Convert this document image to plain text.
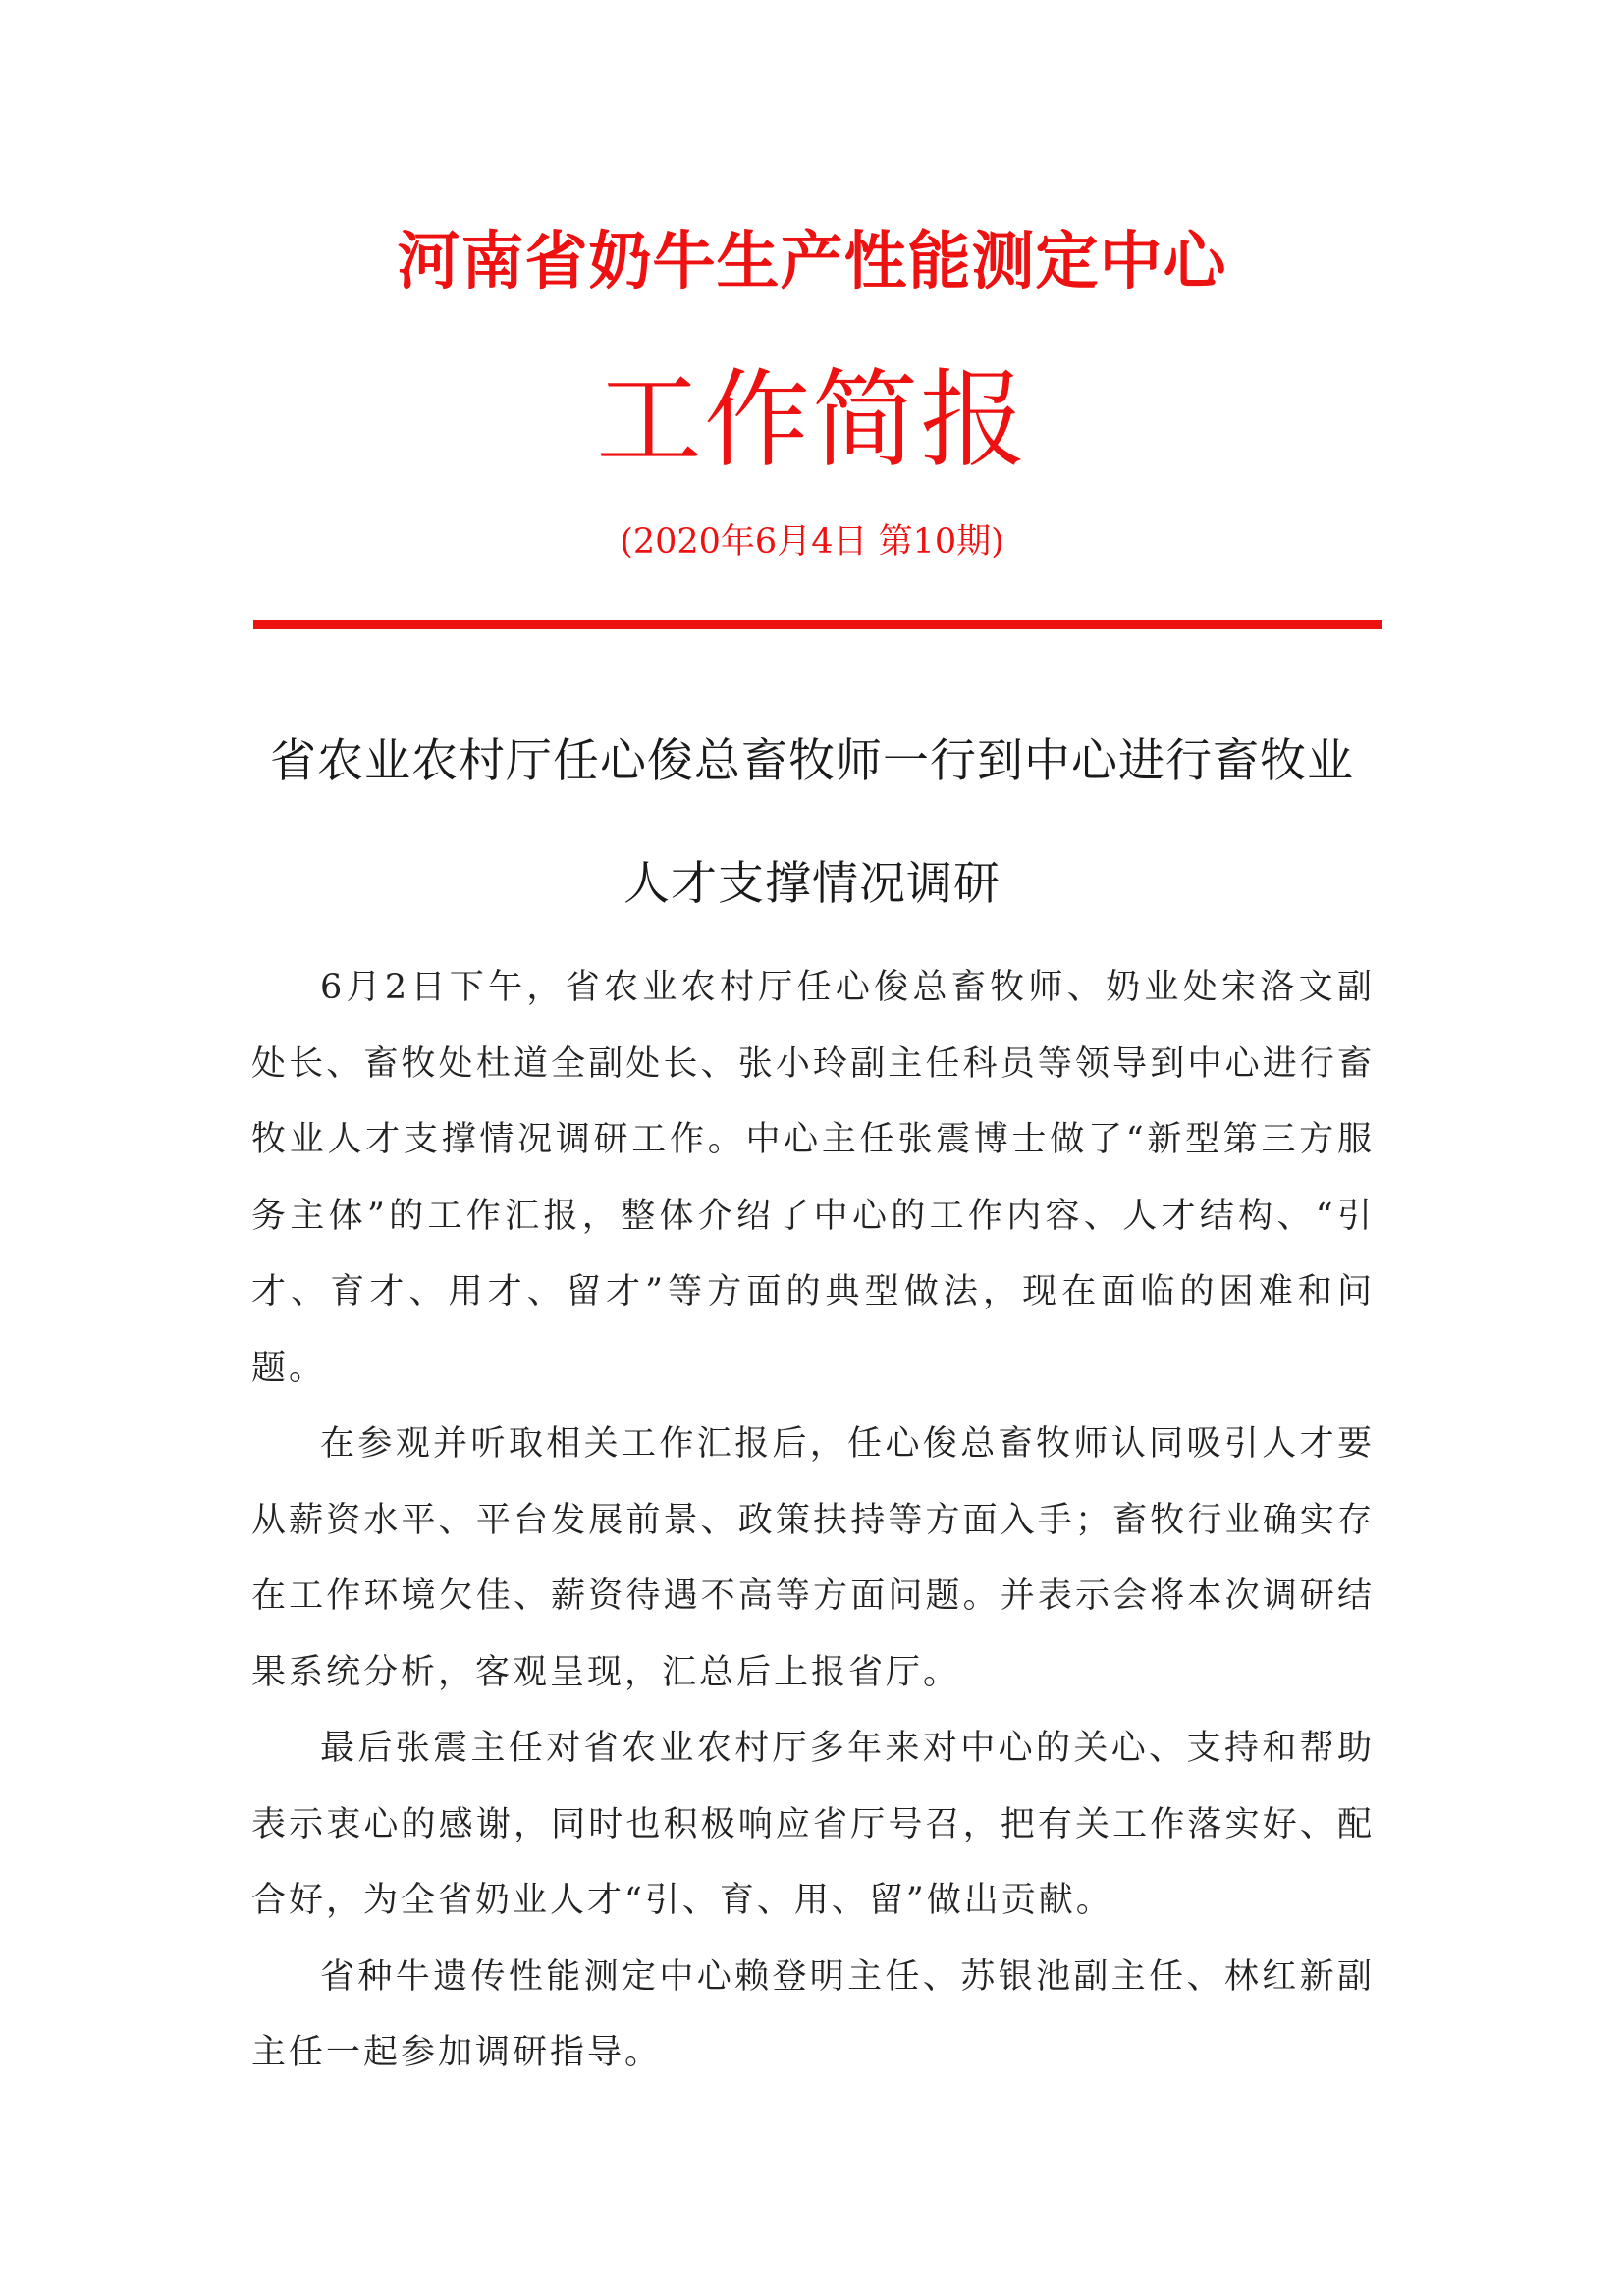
河南省奶牛生产性能测定中心
工作简报
(2020年6月4日 第10期)
省农业农村厅任心俊总畜牧师一行到中心进行畜牧业
人才支撑情况调研

6月2日下午，省农业农村厅任心俊总畜牧师、奶业处宋洛文副处长、畜牧处杜道全副处长、张小玲副主任科员等领导到中心进行畜牧业人才支撑情况调研工作。中心主任张震博士做了“新型第三方服务主体”的工作汇报，整体介绍了中心的工作内容、人才结构、“引才、育才、用才、留才”等方面的典型做法，现在面临的困难和问题。

在参观并听取相关工作汇报后，任心俊总畜牧师认同吸引人才要从薪资水平、平台发展前景、政策扶持等方面入手；畜牧行业确实存在工作环境欠佳、薪资待遇不高等方面问题。并表示会将本次调研结果系统分析，客观呈现，汇总后上报省厅。

最后张震主任对省农业农村厅多年来对中心的关心、支持和帮助表示衷心的感谢，同时也积极响应省厅号召，把有关工作落实好、配合好，为全省奶业人才“引、育、用、留”做出贡献。

省种牛遗传性能测定中心赖登明主任、苏银池副主任、林红新副主任一起参加调研指导。
